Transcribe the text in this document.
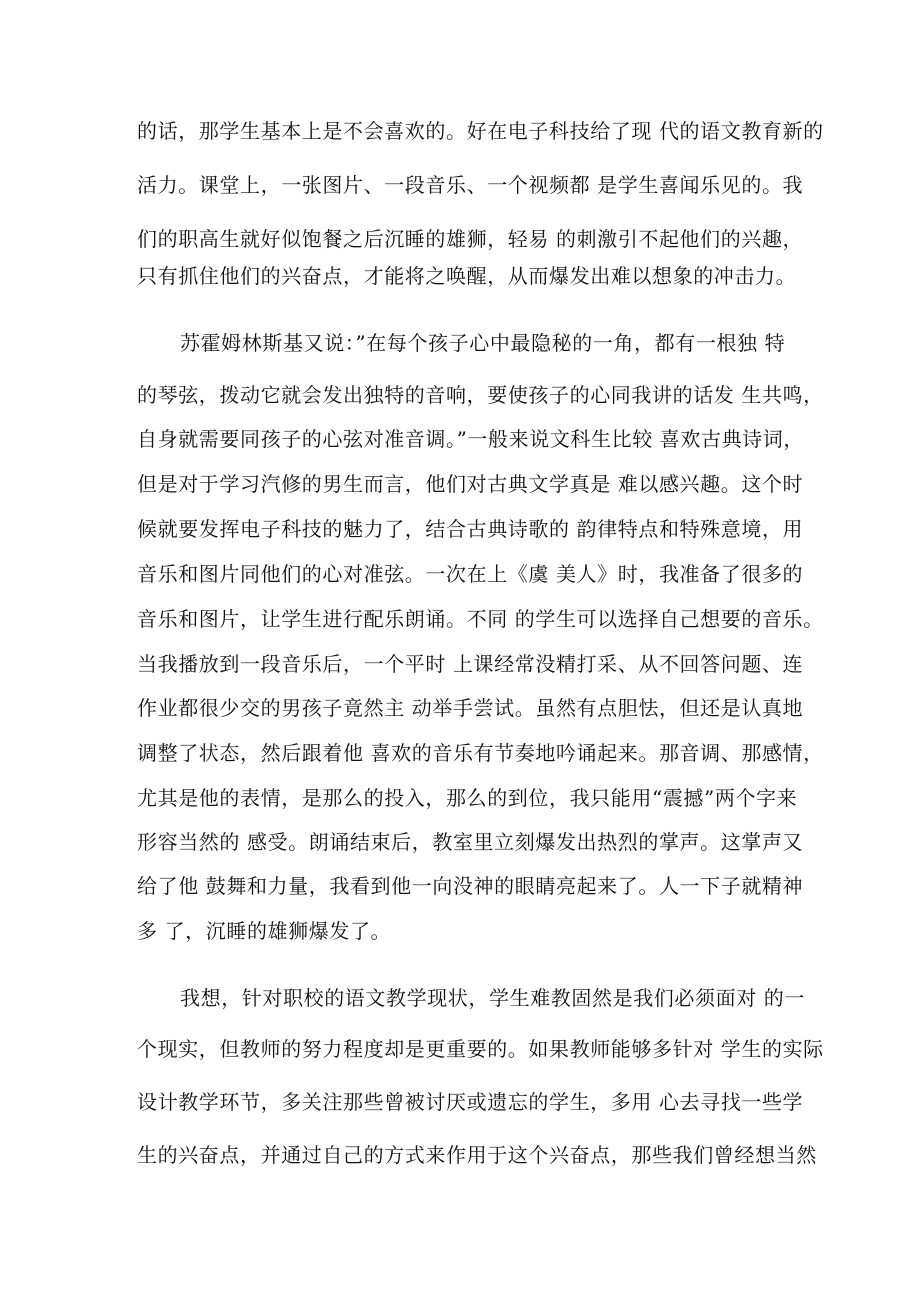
的话，那学生基本上是不会喜欢的。好在电子科技给了现 代的语文教育新的
活力。课堂上，一张图片、一段音乐、一个视频都 是学生喜闻乐见的。我
们的职高生就好似饱餐之后沉睡的雄狮，轻易 的刺激引不起他们的兴趣，
只有抓住他们的兴奋点，才能将之唤醒，从而爆发出难以想象的冲击力。
苏霍姆林斯基又说：”在每个孩子心中最隐秘的一角，都有一根独 特
的琴弦，拨动它就会发出独特的音响，要使孩子的心同我讲的话发 生共鸣，
自身就需要同孩子的心弦对准音调。”一般来说文科生比较 喜欢古典诗词，
但是对于学习汽修的男生而言，他们对古典文学真是 难以感兴趣。这个时
候就要发挥电子科技的魅力了，结合古典诗歌的 韵律特点和特殊意境，用
音乐和图片同他们的心对准弦。一次在上《虞 美人》时，我准备了很多的
音乐和图片，让学生进行配乐朗诵。不同 的学生可以选择自己想要的音乐。
当我播放到一段音乐后，一个平时 上课经常没精打采、从不回答问题、连
作业都很少交的男孩子竟然主 动举手尝试。虽然有点胆怯，但还是认真地
调整了状态，然后跟着他 喜欢的音乐有节奏地吟诵起来。那音调、那感情，
尤其是他的表情，是那么的投入，那么的到位，我只能用“震撼”两个字来
形容当然的 感受。朗诵结束后，教室里立刻爆发出热烈的掌声。这掌声又
给了他 鼓舞和力量，我看到他一向没神的眼睛亮起来了。人一下子就精神
多 了，沉睡的雄狮爆发了。
我想，针对职校的语文教学现状，学生难教固然是我们必须面对 的一
个现实，但教师的努力程度却是更重要的。如果教师能够多针对 学生的实际
设计教学环节，多关注那些曾被讨厌或遗忘的学生，多用 心去寻找一些学
生的兴奋点，并通过自己的方式来作用于这个兴奋点，那些我们曾经想当然
